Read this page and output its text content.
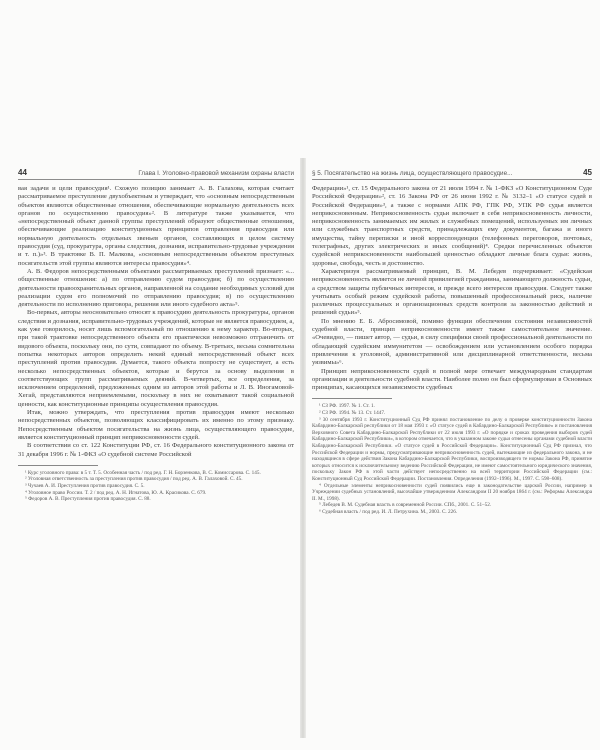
44	Глава I. Уголовно-правовой механизм охраны власти

вая задачи и цели правосудия¹. Схожую позицию занимает А. В. Галахова, которая считает рассматриваемое преступление двухобъектным и утверждает, что «основным непосредственным объектом являются общественные отношения, обеспечивающие нормальную деятельность всех органов по осуществлению правосудия»². В литературе также указывается, что «непосредственный объект данной группы преступлений образуют общественные отношения, обеспечивающие реализацию конституционных принципов отправления правосудия или нормальную деятельность отдельных звеньев органов, составляющих в целом систему правосудия (суд, прокуратура, органы следствия, дознания, исправительно-трудовые учреждения и т. п.)»³. В трактовке В. П. Малкова, «основным непосредственным объектом преступных посягательств этой группы являются интересы правосудия»⁴.

А. В. Федоров непосредственными объектами рассматриваемых преступлений признает: «... общественные отношения: а) по отправлению судом правосудия; б) по осуществлению деятельности правоохранительных органов, направленной на создание необходимых условий для реализации судом его полномочий по отправлению правосудия; в) по осуществлению деятельности по исполнению приговора, решения или иного судебного акта»⁵.

Во-первых, авторы неосновательно относят к правосудию деятельность прокуратуры, органов следствия и дознания, исправительно-трудовых учреждений, которые не является правосудием, а, как уже говорилось, носят лишь вспомогательный по отношению к нему характер. Во-вторых, при такой трактовке непосредственного объекта его практически невозможно отграничить от видового объекта, поскольку они, по сути, совпадают по объему. В-третьих, весьма сомнительна попытка некоторых авторов определить некий единый непосредственный объект всех преступлений против правосудия. Думается, такого объекта попросту не существует, а есть несколько непосредственных объектов, которые и берутся за основу выделения в соответствующих групп рассматриваемых деяний. В-четвертых, все определения, за исключением определений, предложенных одним из авторов этой работы и Л. В. Иногамовой-Хегай, представляются неприемлемыми, поскольку в них не охватывают такой социальной ценности, как конституционные принципы осуществления правосудия.

Итак, можно утверждать, что преступления против правосудия имеют несколько непосредственных объектов, позволяющих классифицировать их именно по этому признаку. Непосредственным объектом посягательства на жизнь лица, осуществляющего правосудие, является конституционный принцип неприкосновенности судей.

В соответствии со ст. 122 Конституции РФ, ст. 16 Федерального конституционного закона от 31 декабря 1996 г. № 1-ФКЗ «О судебной системе Российской

¹ Курс уголовного права: в 5 т. Т. 5. Особенная часть / под ред. Г. Н. Борзенкова, В. С. Комиссарова. С. 145.

² Уголовная ответственность за преступления против правосудия / под ред. А. В. Галаховой. С. 45.

³ Чучаев А. И. Преступления против правосудия. С. 5.

⁴ Уголовное право России. Т. 2 / под ред. А. Н. Игнатова, Ю. А. Красикова. С. 679.

⁵ Федоров А. В. Преступления против правосудия. С. 88.

§ 5. Посягательство на жизнь лица, осуществляющего правосудие...	45

Федерации»¹, ст. 15 Федерального закона от 21 июля 1994 г. № 1-ФКЗ «О Конституционном Суде Российской Федерации»², ст. 16 Закона РФ от 26 июня 1992 г. № 3132–1 «О статусе судей в Российской Федерации»³, а также с нормами АПК РФ, ГПК РФ, УПК РФ судья является неприкосновенным. Неприкосновенность судьи включает в себя неприкосновенность личности, неприкосновенность занимаемых им жилых и служебных помещений, используемых им личных или служебных транспортных средств, принадлежащих ему документов, багажа и иного имущества, тайну переписки и иной корреспонденции (телефонных переговоров, почтовых, телеграфных, других электрических и иных сообщений)⁴. Средки перечисленных объектов судейской неприкосновенности наибольшей ценностью обладают личные блага судьи: жизнь, здоровье, свобода, честь и достоинство.

Характеризуя рассматриваемый принцип, В. М. Лебедев подчеркивает: «Судейская неприкосновенность является не личной привилегией гражданина, занимающего должность судьи, а средством защиты публичных интересов, и прежде всего интересов правосудия. Следует также учитывать особый режим судейской работы, повышенный профессиональный риск, наличие различных процессуальных и организационных средств контроля за законностью действий и решений судьи»⁵.

По мнению Е. Б. Абросимовой, помимо функции обеспечения состояния независимостей судебной власти, принцип неприкосновенности имеет также самостоятельное значение. «Очевидно, — пишет автор, — судьи, в силу специфики своей профессиональной деятельности по обладающей судейским иммунитетом — освобождением или установлением особого порядка привлечения к уголовной, административной или дисциплинарной ответственности, весьма уязвимы»⁶.

Принцип неприкосновенности судей в полной мере отвечает международным стандартам организации и деятельности судебной власти. Наиболее полно он был сформулирован в Основных принципах, касающихся независимости судебных

¹ СЗ РФ. 1997. № 1. Ст. 1.

² СЗ РФ. 1994. № 13. Ст. 1447.

³ 30 сентября 1993 г. Конституционный Суд РФ принял постановление по делу о проверке конституционности Закона Кабардино-Балкарской республики от 18 мая 1993 г. «О статусе судей в Кабардино-Балкарской Республике» и постановления Верховного Совета Кабардино-Балкарской Республики от 22 июля 1993 г. «О порядке и сроках проведения выборов судей Кабардино-Балкарской Республики», в котором отмечается, что в указанном законе судьи отнесены органами судебной власти Кабардино-Балкарской Республики. «О статусе судей в Российской Федерации». Конституционный Суд РФ признал, что Российской Федерации и нормы, предусматривающие неприкосновенность судей, вытекающие из федерального закона, и не находящиеся в сфере действия Закона Кабардино-Балкарской Республики, воспроизводящего те нормы Закона РФ, принятие которых относится к исключительному ведению Российской Федерации, не имеют самостоятельного юридического значения, поскольку Закон РФ в этой части действует непосредственно на всей территории Российской Федерации (см.: Конституционный Суд Российской Федерации. Постановления. Определения (1992–1996). М., 1997. С. 598–608).

⁴ Отдельные элементы неприкосновенности судей появились еще в законодательстве царской России, например в Учреждении судебных установлений, высочайше утвержденном Александром II 20 ноября 1864 г. (см.: Реформы Александра II. М., 1998).

⁵ Лебедев В. М. Судебная власть в современной России. СПб., 2001. С. 51–52.

⁶ Судебная власть / под ред. И. Л. Петрухина. М., 2003. С. 226.
